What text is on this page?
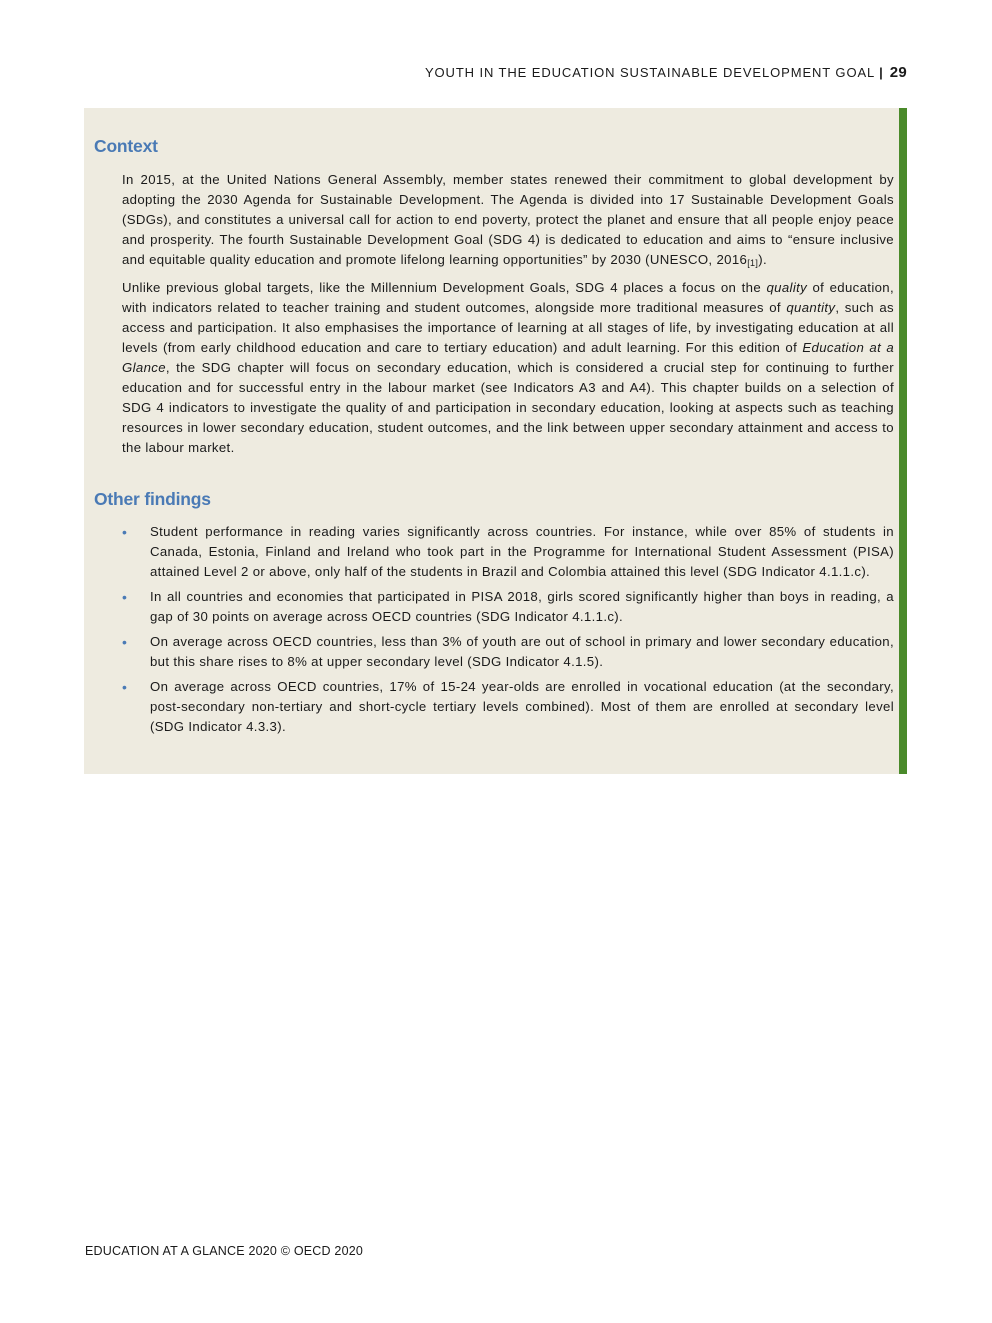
YOUTH IN THE EDUCATION SUSTAINABLE DEVELOPMENT GOAL | 29
Context

In 2015, at the United Nations General Assembly, member states renewed their commitment to global development by adopting the 2030 Agenda for Sustainable Development. The Agenda is divided into 17 Sustainable Development Goals (SDGs), and constitutes a universal call for action to end poverty, protect the planet and ensure that all people enjoy peace and prosperity. The fourth Sustainable Development Goal (SDG 4) is dedicated to education and aims to “ensure inclusive and equitable quality education and promote lifelong learning opportunities” by 2030 (UNESCO, 2016[1]).

Unlike previous global targets, like the Millennium Development Goals, SDG 4 places a focus on the quality of education, with indicators related to teacher training and student outcomes, alongside more traditional measures of quantity, such as access and participation. It also emphasises the importance of learning at all stages of life, by investigating education at all levels (from early childhood education and care to tertiary education) and adult learning. For this edition of Education at a Glance, the SDG chapter will focus on secondary education, which is considered a crucial step for continuing to further education and for successful entry in the labour market (see Indicators A3 and A4). This chapter builds on a selection of SDG 4 indicators to investigate the quality of and participation in secondary education, looking at aspects such as teaching resources in lower secondary education, student outcomes, and the link between upper secondary attainment and access to the labour market.

Other findings
• Student performance in reading varies significantly across countries. For instance, while over 85% of students in Canada, Estonia, Finland and Ireland who took part in the Programme for International Student Assessment (PISA) attained Level 2 or above, only half of the students in Brazil and Colombia attained this level (SDG Indicator 4.1.1.c).
• In all countries and economies that participated in PISA 2018, girls scored significantly higher than boys in reading, a gap of 30 points on average across OECD countries (SDG Indicator 4.1.1.c).
• On average across OECD countries, less than 3% of youth are out of school in primary and lower secondary education, but this share rises to 8% at upper secondary level (SDG Indicator 4.1.5).
• On average across OECD countries, 17% of 15-24 year-olds are enrolled in vocational education (at the secondary, post-secondary non-tertiary and short-cycle tertiary levels combined). Most of them are enrolled at secondary level (SDG Indicator 4.3.3).
EDUCATION AT A GLANCE 2020 © OECD 2020
